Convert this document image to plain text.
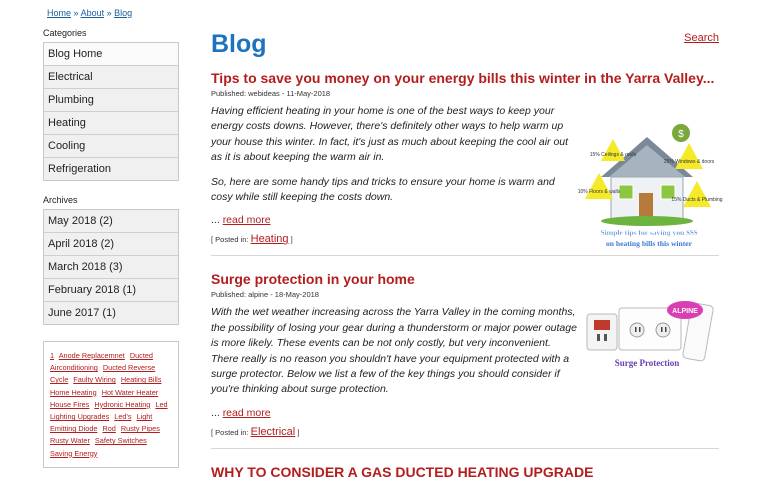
Home » About » Blog
Categories
Blog Home
Electrical
Plumbing
Heating
Cooling
Refrigeration
Archives
May 2018 (2)
April 2018 (2)
March 2018 (3)
February 2018 (1)
June 2017 (1)
1 Anode Replacemnet Ducted Airconditioning Ducted Reverse Cycle Faulty Wiring Heating Bills Home Heating Hot Water Heater House Fires Hydronic Heating Led Lighting Upgrades Led's Light Emitting Diode Rod Rusty Pipes Rusty Water Safety Switches Saving Energy
Blog	Search
Tips to save you money on your energy bills this winter in the Yarra Valley...
Published: webideas - 11-May-2018

Having efficient heating in your home is one of the best ways to keep your energy costs downs. However, there's definitely other ways to help warm up your house this winter. In fact, it's just as much about keeping the cool air out as it is about keeping the warm air in.

So, here are some handy tips and tricks to ensure your home is warm and cosy while still keeping the costs down.

... read more
[ Posted in: Heating ]
$
15% Ceilings & roofs
25% Windows & doors
10% Floors & walls
15% Ducts & Plumbing
Simple tips for saving you $$$
on heating bills this winter
Surge protection in your home
Published: alpine - 18-May-2018

With the wet weather increasing across the Yarra Valley in the coming months, the possibility of losing your gear during a thunderstorm or major power outage is more likely. These events can be not only costly, but very inconvenient. There really is no reason you shouldn't have your equipment protected with a surge protector. Below we list a few of the key things you should consider if you're thinking about surge protection.

... read more
[ Posted in: Electrical ]
ALPINE
Surge Protection
WHY TO CONSIDER A GAS DUCTED HEATING UPGRADE
